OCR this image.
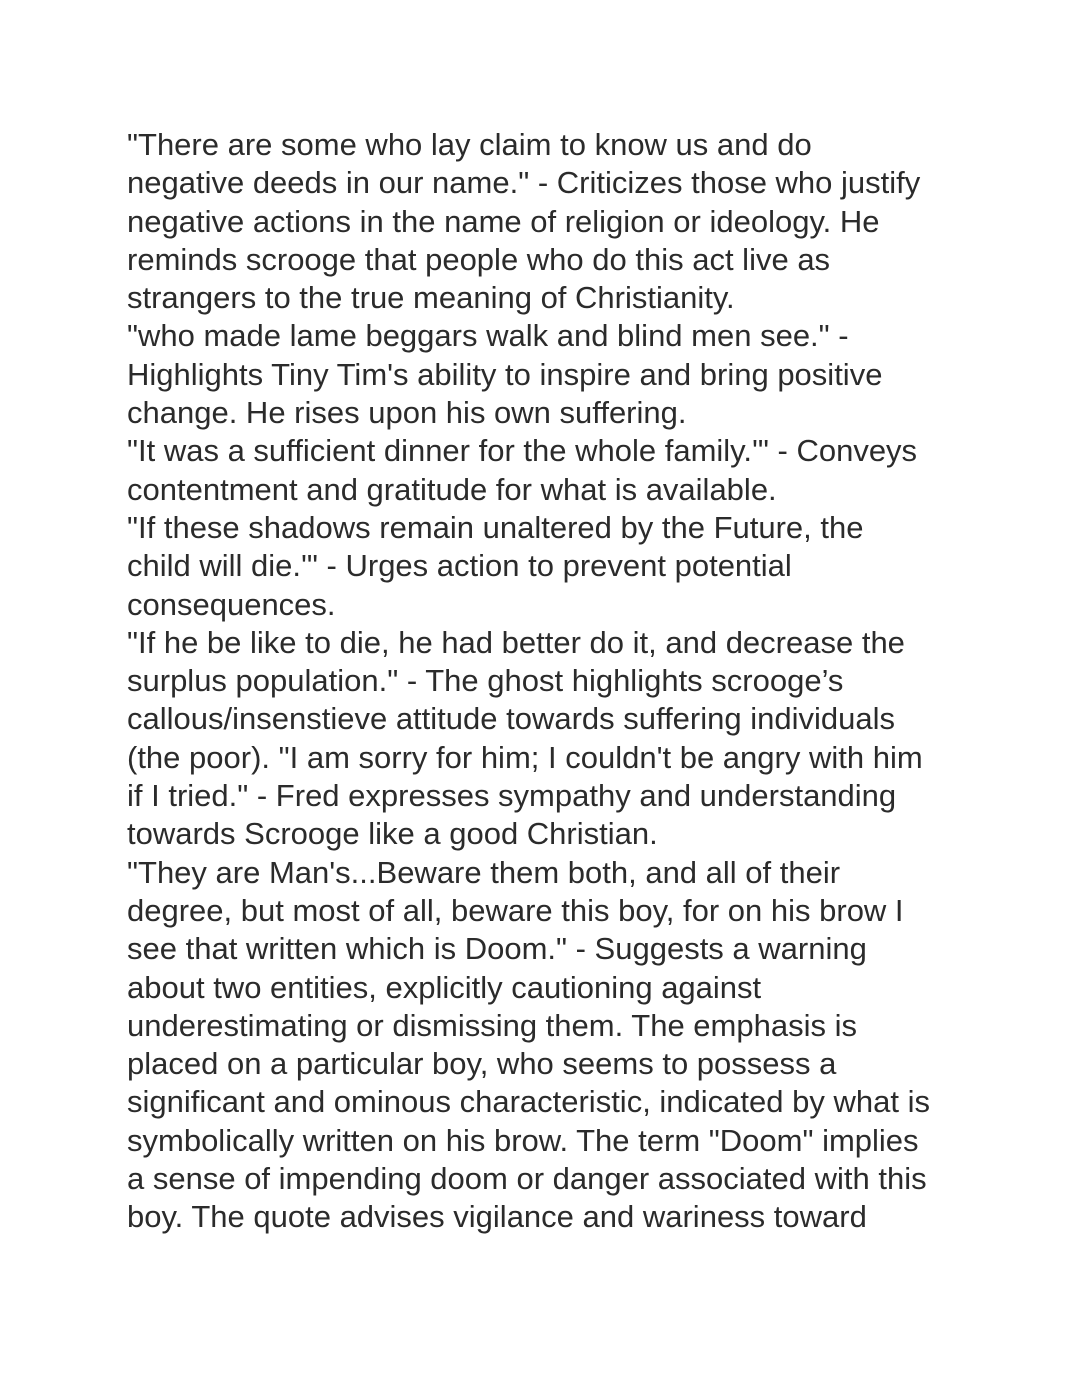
"There are some who lay claim to know us and do
negative deeds in our name." - Criticizes those who justify
negative actions in the name of religion or ideology. He
reminds scrooge that people who do this act live as
strangers to the true meaning of Christianity.
"who made lame beggars walk and blind men see." -
Highlights Tiny Tim's ability to inspire and bring positive
change. He rises upon his own suffering.
"It was a sufficient dinner for the whole family.'" - Conveys
contentment and gratitude for what is available.
"If these shadows remain unaltered by the Future, the
child will die.'" - Urges action to prevent potential
consequences.
"If he be like to die, he had better do it, and decrease the
surplus population." - The ghost highlights scrooge’s
callous/insenstieve attitude towards suffering individuals
(the poor). "I am sorry for him; I couldn't be angry with him
if I tried." - Fred expresses sympathy and understanding
towards Scrooge like a good Christian.
"They are Man's...Beware them both, and all of their
degree, but most of all, beware this boy, for on his brow I
see that written which is Doom." - Suggests a warning
about two entities, explicitly cautioning against
underestimating or dismissing them. The emphasis is
placed on a particular boy, who seems to possess a
significant and ominous characteristic, indicated by what is
symbolically written on his brow. The term "Doom" implies
a sense of impending doom or danger associated with this
boy. The quote advises vigilance and wariness toward
